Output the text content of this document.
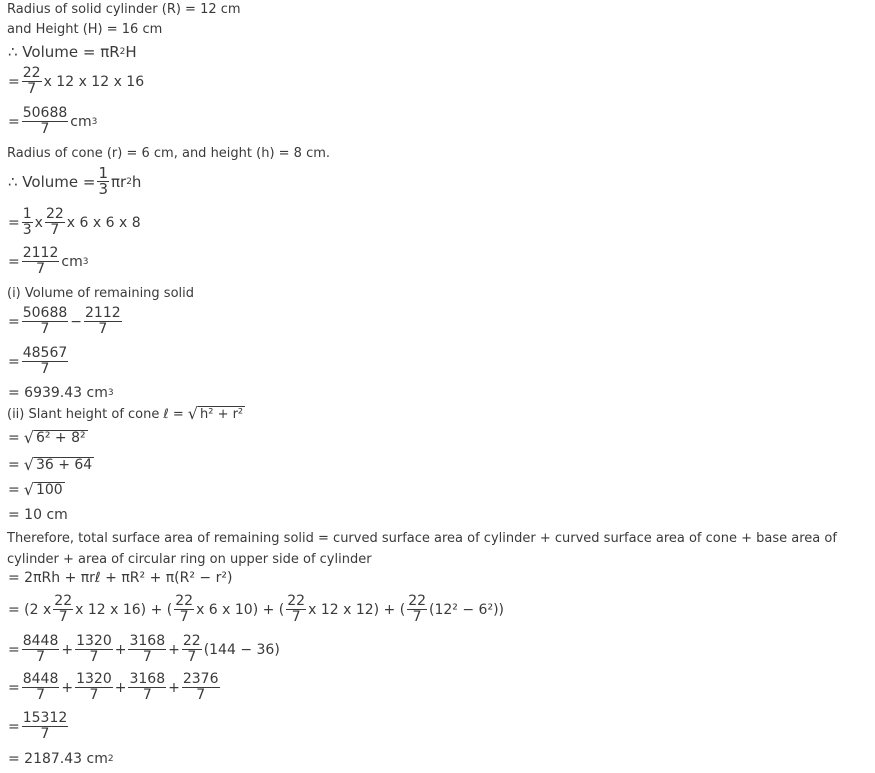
Radius of solid cylinder (R) = 12 cm
and Height (H) = 16 cm
∴ Volume = πR 2 H
= $\frac{22}{7}$ x 12 x 12 x 16
= $\frac{50688}{7}$ cm 3
Radius of cone (r) = 6 cm, and height (h) = 8 cm.
∴ Volume = $\frac{1}{3}$ πr 2 h
= $\frac{1}{3}$ x $\frac{22}{7}$ x 6 x 6 x 8
= $\frac{2112}{7}$ cm 3
(i) Volume of remaining solid
= $\frac{50688}{7} - \frac{2112}{7}$
= $\frac{48567}{7}$
= 6939.43 cm 3
(ii) Slant height of cone ℓ = √ h² + r²
= √ 6² + 8²
= √ 36 + 64
= √ 100
= 10 cm
Therefore, total surface area of remaining solid = curved surface area of cylinder + curved surface area of cone + base area of cylinder + area of circular ring on upper side of cylinder
= 2πRh + πrℓ + πR² + π(R² − r²)
= (2 x $\frac{22}{7}$ x 12 x 16) + ( $\frac{22}{7}$ x 6 x 10) + ( $\frac{22}{7}$ x 12 x 12) + ( $\frac{22}{7} (12^2 - 6^2)$)
= $\frac{8448}{7} + \frac{1320}{7} + \frac{3168}{7} + \frac{22}{7} (144 - 36)$
= $\frac{8448}{7} + \frac{1320}{7} + \frac{3168}{7} + \frac{2376}{7}$
= $\frac{15312}{7}$
= 2187.43 cm 2
